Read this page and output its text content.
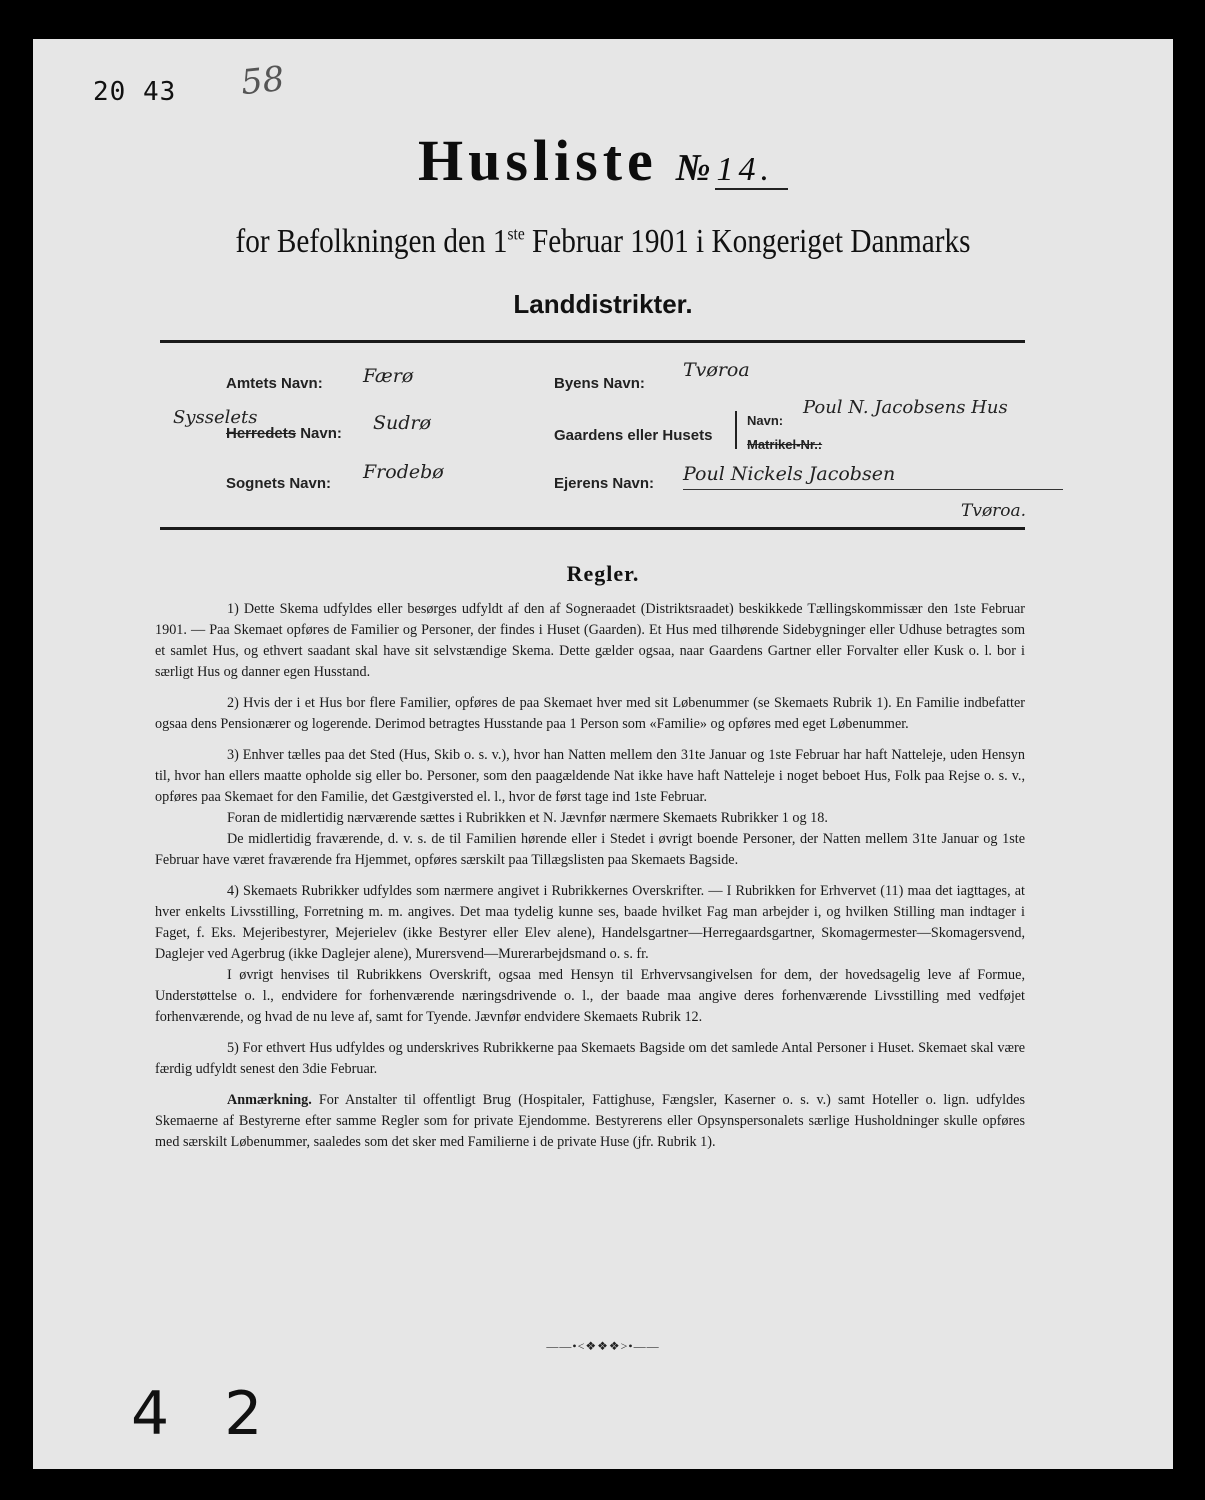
20 43 58
Husliste № 14.
for Befolkningen den 1ste Februar 1901 i Kongeriget Danmarks
Landdistrikter.
Amtets Navn: Færø
Sysselets
Herredets Navn: Sudrø
Sognets Navn:
Frodebø
Byens Navn:
Tvøroa
Gaardens eller Husets
Navn:
Poul N. Jacobsens Hus
Matrikel-Nr.:
Ejerens Navn: Poul Nickels Jacobsen
Tvøroa.
Regler.

1) Dette Skema udfyldes eller besørges udfyldt af den af Sogneraadet (Distriktsraadet) beskikkede Tællingskommissær den 1ste Februar 1901. — Paa Skemaet opføres de Familier og Personer, der findes i Huset (Gaarden). Et Hus med tilhørende Sidebygninger eller Udhuse betragtes som et samlet Hus, og ethvert saadant skal have sit selvstændige Skema. Dette gælder ogsaa, naar Gaardens Gartner eller Forvalter eller Kusk o. l. bor i særligt Hus og danner egen Husstand.

2) Hvis der i et Hus bor flere Familier, opføres de paa Skemaet hver med sit Løbenummer (se Skemaets Rubrik 1). En Familie indbefatter ogsaa dens Pensionærer og logerende. Derimod betragtes Husstande paa 1 Person som «Familie» og opføres med eget Løbenummer.

3) Enhver tælles paa det Sted (Hus, Skib o. s. v.), hvor han Natten mellem den 31te Januar og 1ste Februar har haft Natteleje, uden Hensyn til, hvor han ellers maatte opholde sig eller bo. Personer, som den paagældende Nat ikke have haft Natteleje i noget beboet Hus, Folk paa Rejse o. s. v., opføres paa Skemaet for den Familie, det Gæstgiversted el. l., hvor de først tage ind 1ste Februar.

Foran de midlertidig nærværende sættes i Rubrikken et N. Jævnfør nærmere Skemaets Rubrikker 1 og 18.

De midlertidig fraværende, d. v. s. de til Familien hørende eller i Stedet i øvrigt boende Personer, der Natten mellem 31te Januar og 1ste Februar have været fraværende fra Hjemmet, opføres særskilt paa Tillægslisten paa Skemaets Bagside.

4) Skemaets Rubrikker udfyldes som nærmere angivet i Rubrikkernes Overskrifter. — I Rubrikken for Erhvervet (11) maa det iagttages, at hver enkelts Livsstilling, Forretning m. m. angives. Det maa tydelig kunne ses, baade hvilket Fag man arbejder i, og hvilken Stilling man indtager i Faget, f. Eks. Mejeribestyrer, Mejerielev (ikke Bestyrer eller Elev alene), Handelsgartner—Herregaardsgartner, Skomagermester—Skomagersvend, Daglejer ved Agerbrug (ikke Daglejer alene), Murersvend—Murerarbejdsmand o. s. fr.

I øvrigt henvises til Rubrikkens Overskrift, ogsaa med Hensyn til Erhvervsangivelsen for dem, der hovedsagelig leve af Formue, Understøttelse o. l., endvidere for forhenværende næringsdrivende o. l., der baade maa angive deres forhenværende Livsstilling med vedføjet forhenværende, og hvad de nu leve af, samt for Tyende. Jævnfør endvidere Skemaets Rubrik 12.

5) For ethvert Hus udfyldes og underskrives Rubrikkerne paa Skemaets Bagside om det samlede Antal Personer i Huset. Skemaet skal være færdig udfyldt senest den 3die Februar.

Anmærkning. For Anstalter til offentligt Brug (Hospitaler, Fattighuse, Fængsler, Kaserner o. s. v.) samt Hoteller o. lign. udfyldes Skemaerne af Bestyrerne efter samme Regler som for private Ejendomme. Bestyrerens eller Opsynspersonalets særlige Husholdninger skulle opføres med særskilt Løbenummer, saaledes som det sker med Familierne i de private Huse (jfr. Rubrik 1).

——•<❖❖❖>•——
4 2
